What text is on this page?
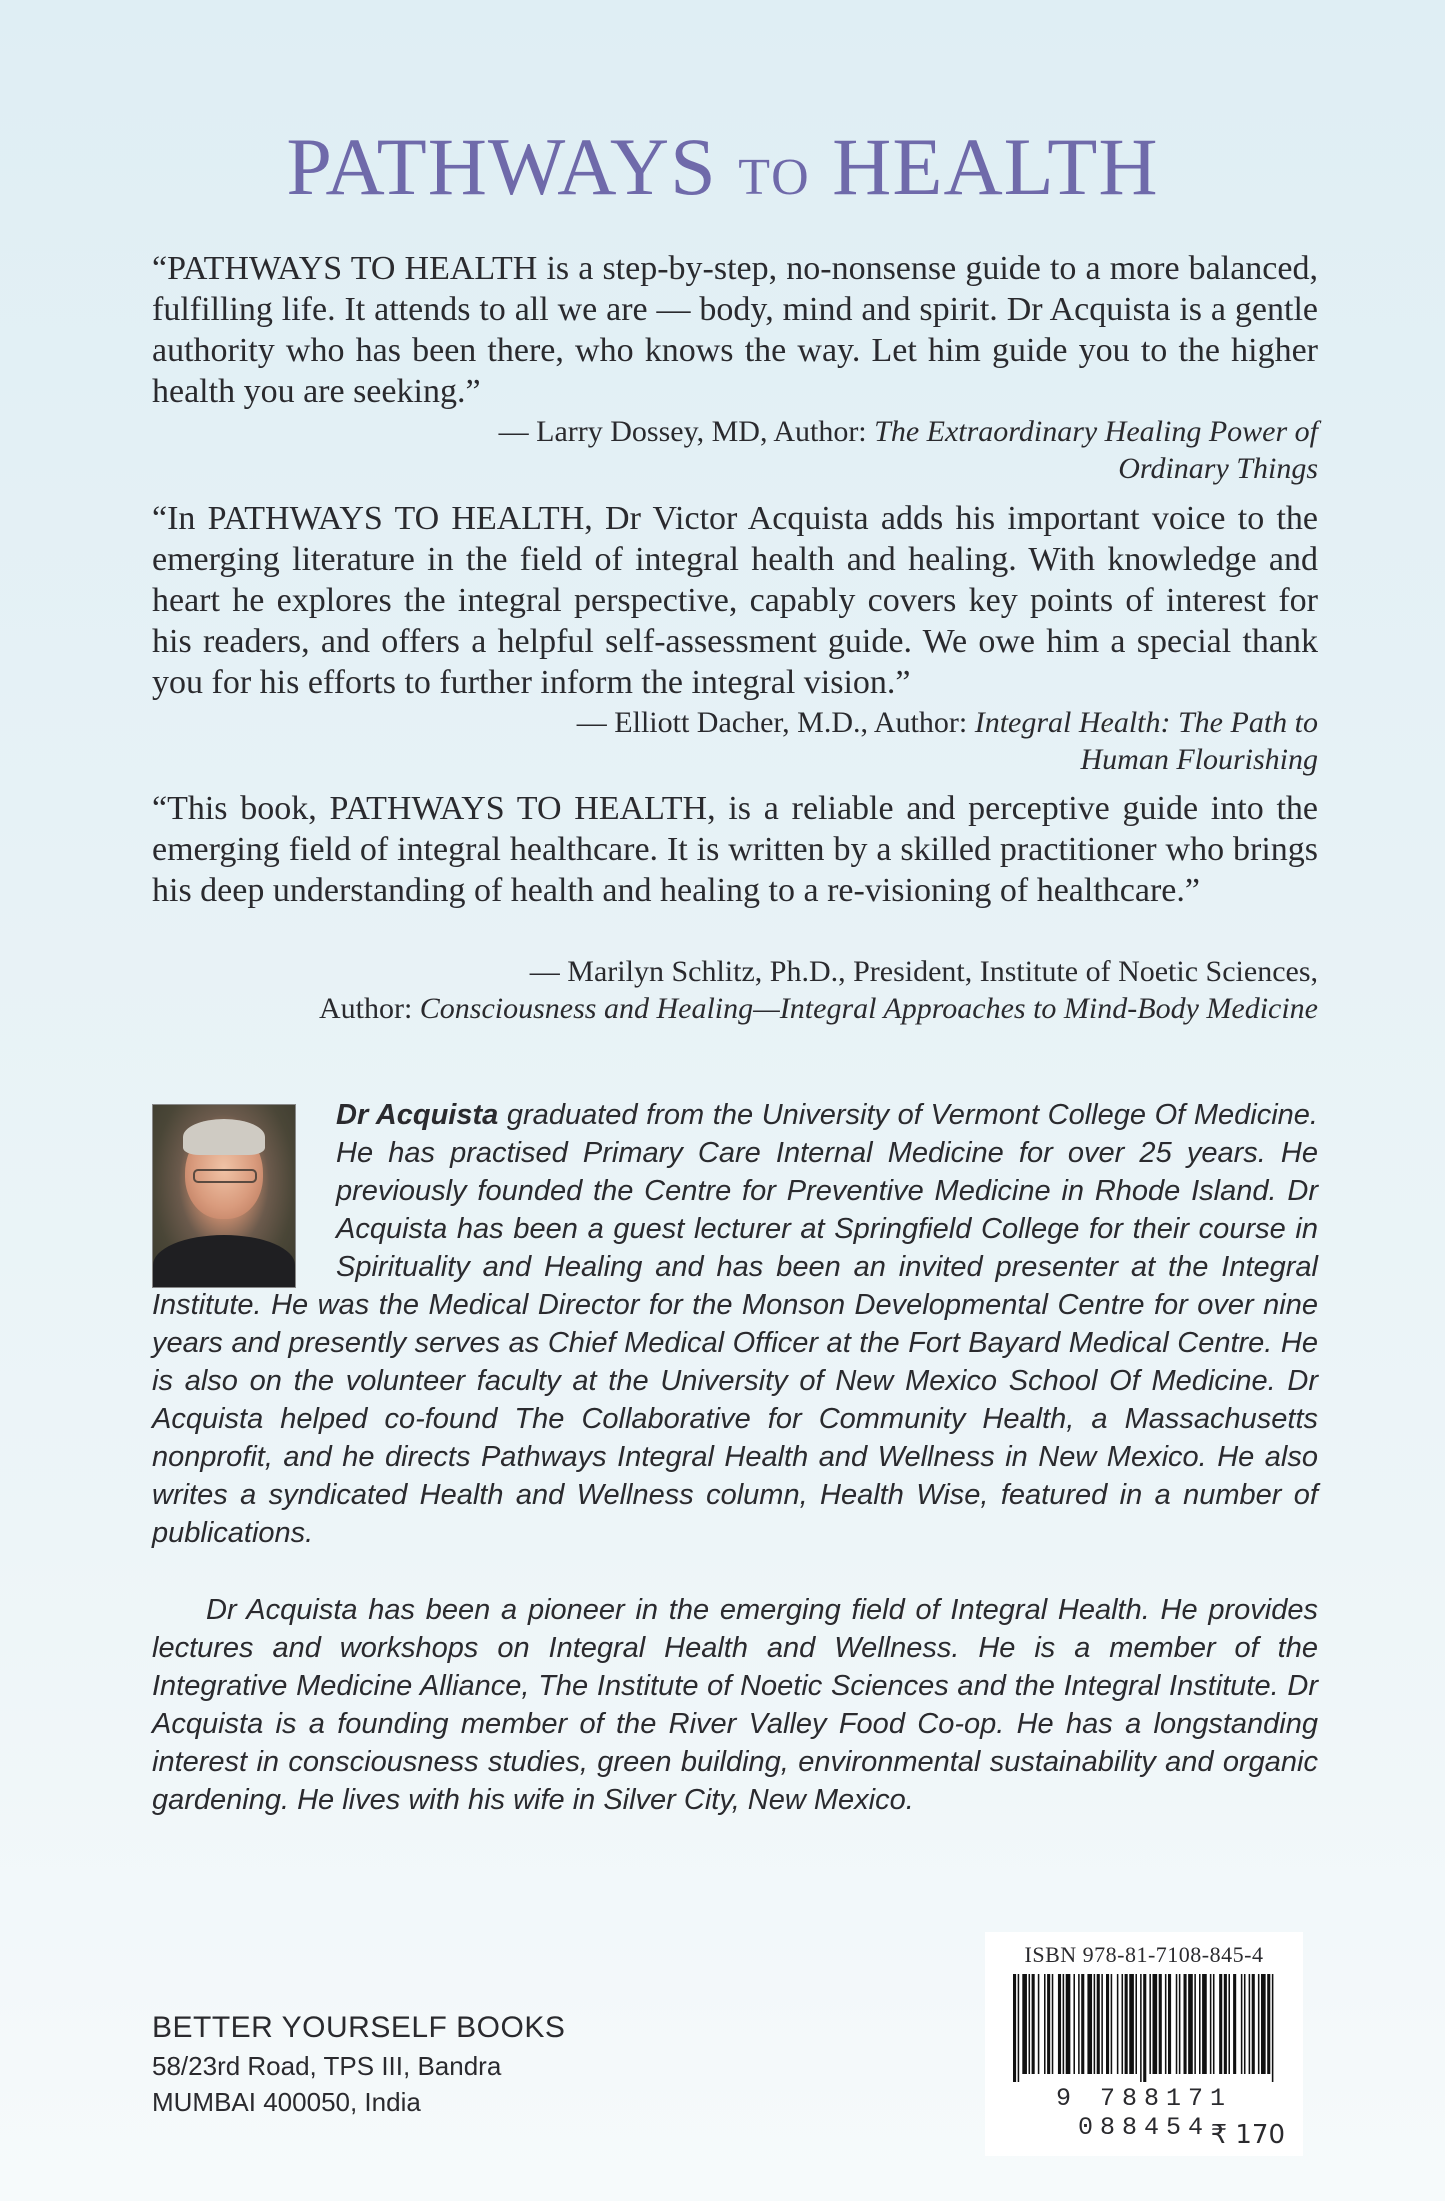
PATHWAYS TO HEALTH
“PATHWAYS TO HEALTH is a step-by-step, no-nonsense guide to a more balanced, fulfilling life. It attends to all we are — body, mind and spirit. Dr Acquista is a gentle authority who has been there, who knows the way. Let him guide you to the higher health you are seeking.”
— Larry Dossey, MD, Author: The Extraordinary Healing Power of
Ordinary Things
“In PATHWAYS TO HEALTH, Dr Victor Acquista adds his important voice to the emerging literature in the field of integral health and healing. With knowledge and heart he explores the integral perspective, capably covers key points of interest for his readers, and offers a helpful self-assessment guide. We owe him a special thank you for his efforts to further inform the integral vision.”
— Elliott Dacher, M.D., Author: Integral Health: The Path to
Human Flourishing
“This book, PATHWAYS TO HEALTH, is a reliable and perceptive guide into the emerging field of integral healthcare. It is written by a skilled practitioner who brings his deep understanding of health and healing to a re-visioning of healthcare.”
— Marilyn Schlitz, Ph.D., President, Institute of Noetic Sciences,
Author: Consciousness and Healing—Integral Approaches to Mind-Body Medicine
Dr Acquista graduated from the University of Vermont College Of Medicine. He has practised Primary Care Internal Medicine for over 25 years. He previously founded the Centre for Preventive Medicine in Rhode Island. Dr Acquista has been a guest lecturer at Springfield College for their course in Spirituality and Healing and has been an invited presenter at the Integral Institute. He was the Medical Director for the Monson Developmental Centre for over nine years and presently serves as Chief Medical Officer at the Fort Bayard Medical Centre. He is also on the volunteer faculty at the University of New Mexico School Of Medicine. Dr Acquista helped co-found The Collaborative for Community Health, a Massachusetts nonprofit, and he directs Pathways Integral Health and Wellness in New Mexico. He also writes a syndicated Health and Wellness column, Health Wise, featured in a number of publications.
Dr Acquista has been a pioneer in the emerging field of Integral Health. He provides lectures and workshops on Integral Health and Wellness. He is a member of the Integrative Medicine Alliance, The Institute of Noetic Sciences and the Integral Institute. Dr Acquista is a founding member of the River Valley Food Co-op. He has a longstanding interest in consciousness studies, green building, environmental sustainability and organic gardening. He lives with his wife in Silver City, New Mexico.
BETTER YOURSELF BOOKS
58/23rd Road, TPS III, Bandra
MUMBAI 400050, India
ISBN 978-81-7108-845-4
9 788171 088454 ₹ 170
